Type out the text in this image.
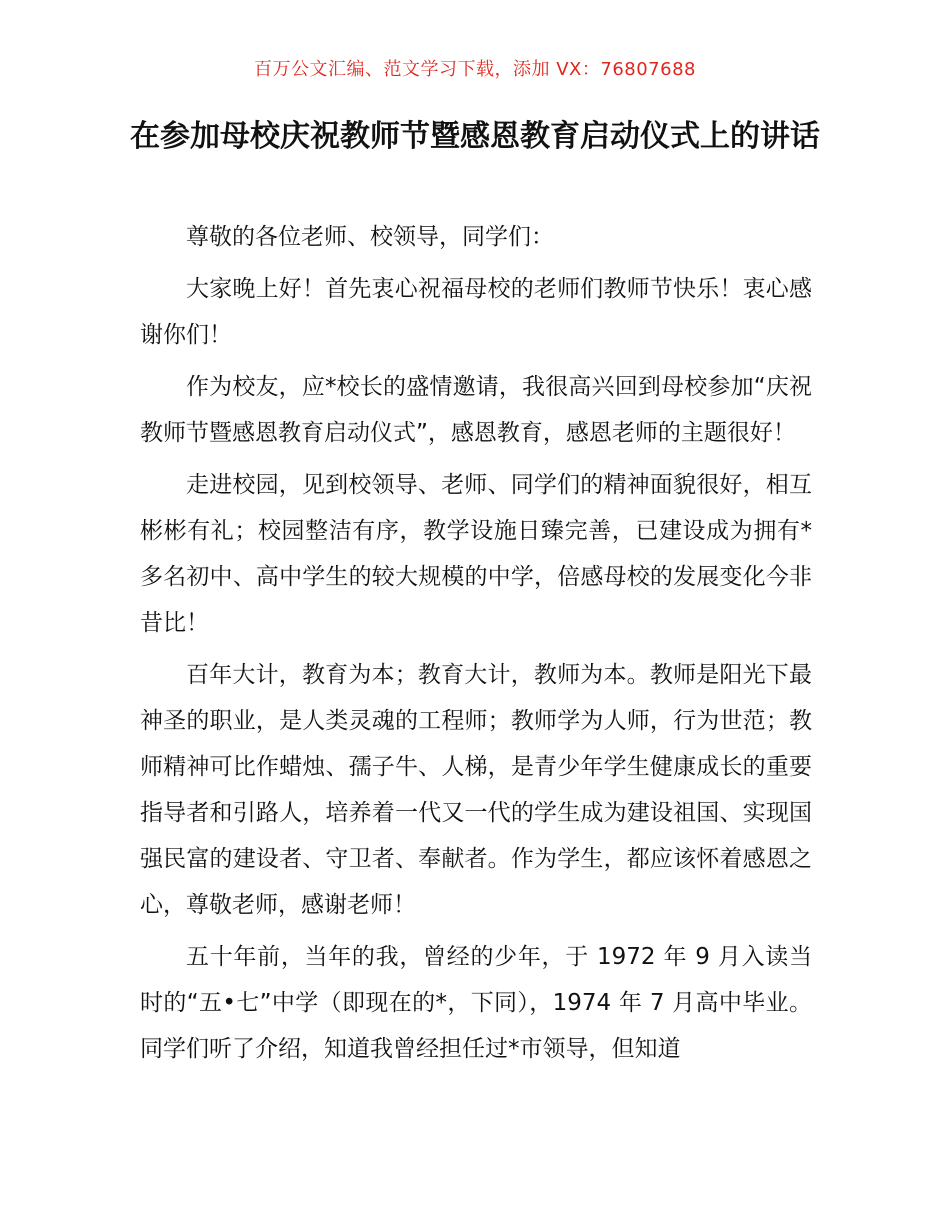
百万公文汇编、范文学习下载，添加 VX：76807688
在参加母校庆祝教师节暨感恩教育启动仪式上的讲话

尊敬的各位老师、校领导，同学们：

大家晚上好！首先衷心祝福母校的老师们教师节快乐！衷心感谢你们！

作为校友，应*校长的盛情邀请，我很高兴回到母校参加“庆祝教师节暨感恩教育启动仪式”，感恩教育，感恩老师的主题很好！

走进校园，见到校领导、老师、同学们的精神面貌很好，相互彬彬有礼；校园整洁有序，教学设施日臻完善，已建设成为拥有*多名初中、高中学生的较大规模的中学，倍感母校的发展变化今非昔比！

百年大计，教育为本；教育大计，教师为本。教师是阳光下最神圣的职业，是人类灵魂的工程师；教师学为人师，行为世范；教师精神可比作蜡烛、孺子牛、人梯，是青少年学生健康成长的重要指导者和引路人，培养着一代又一代的学生成为建设祖国、实现国强民富的建设者、守卫者、奉献者。作为学生，都应该怀着感恩之心，尊敬老师，感谢老师！

五十年前，当年的我，曾经的少年，于 1972 年 9 月入读当时的“五•七”中学（即现在的*，下同），1974 年 7 月高中毕业。同学们听了介绍，知道我曾经担任过*市领导，但知道
